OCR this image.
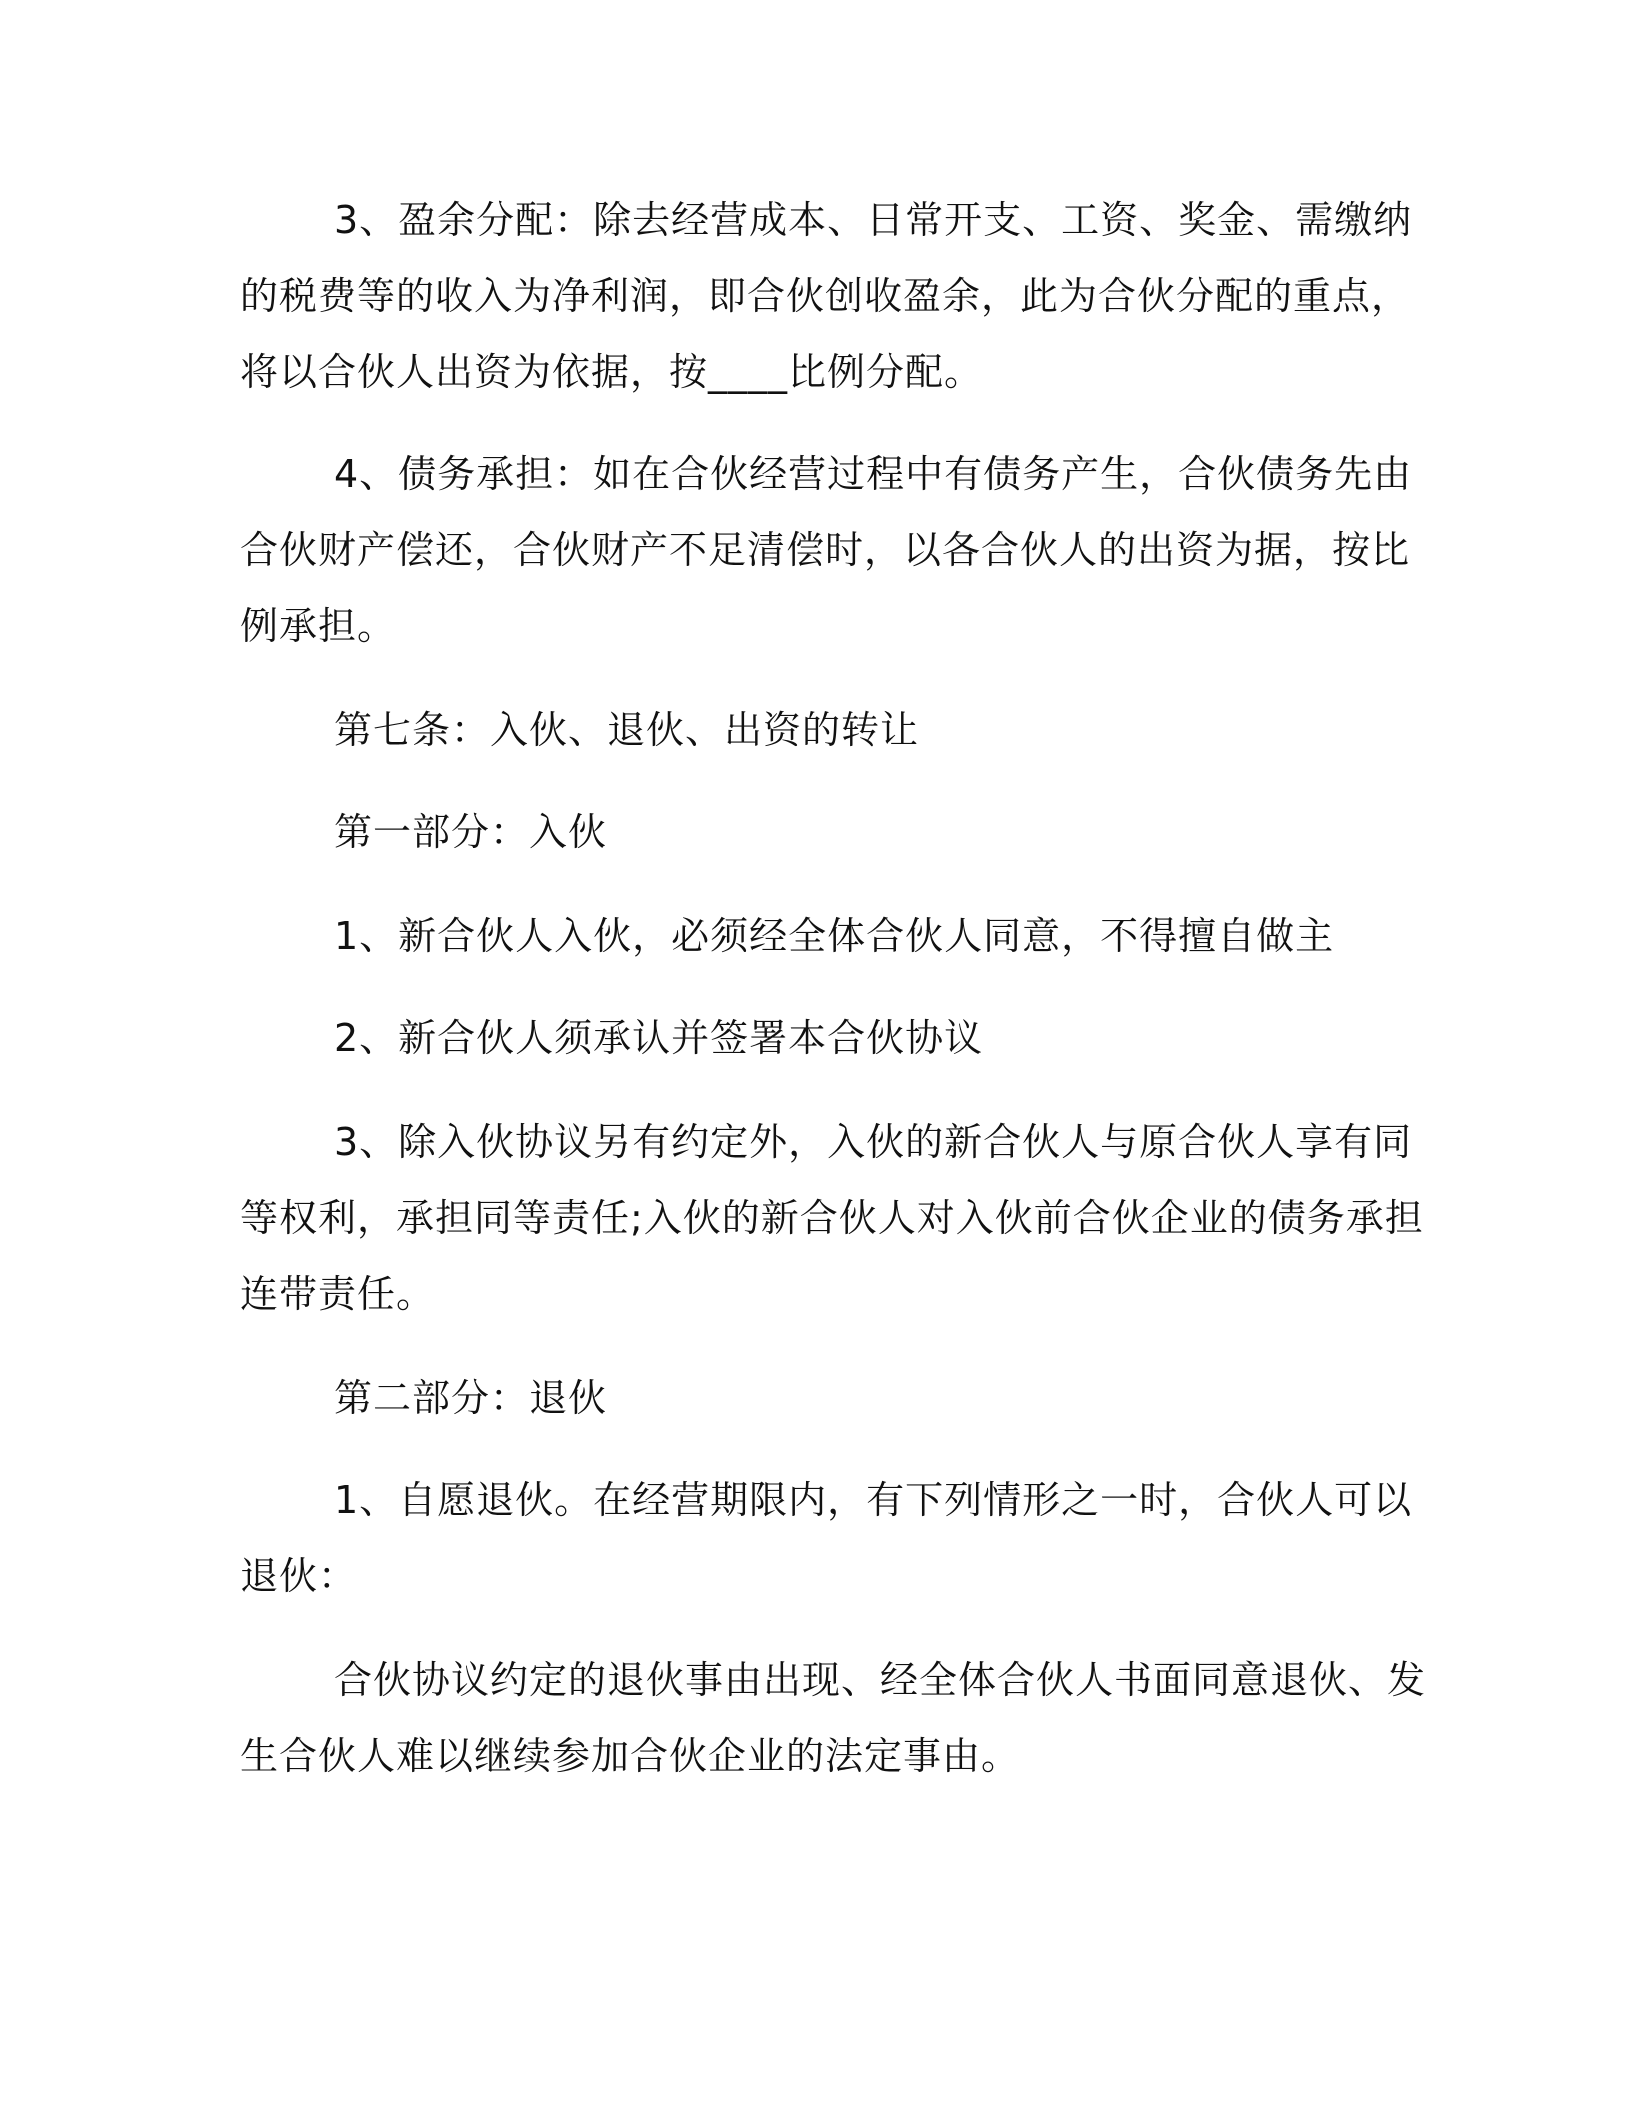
3、盈余分配：除去经营成本、日常开支、工资、奖金、需缴纳

的税费等的收入为净利润，即合伙创收盈余，此为合伙分配的重点，

将以合伙人出资为依据，按____比例分配。

4、债务承担：如在合伙经营过程中有债务产生，合伙债务先由

合伙财产偿还，合伙财产不足清偿时，以各合伙人的出资为据，按比

例承担。

第七条：入伙、退伙、出资的转让

第一部分：入伙

1、新合伙人入伙，必须经全体合伙人同意，不得擅自做主

2、新合伙人须承认并签署本合伙协议

3、除入伙协议另有约定外，入伙的新合伙人与原合伙人享有同

等权利，承担同等责任;入伙的新合伙人对入伙前合伙企业的债务承担

连带责任。

第二部分：退伙

1、自愿退伙。在经营期限内，有下列情形之一时，合伙人可以

退伙：

合伙协议约定的退伙事由出现、经全体合伙人书面同意退伙、发

生合伙人难以继续参加合伙企业的法定事由。
